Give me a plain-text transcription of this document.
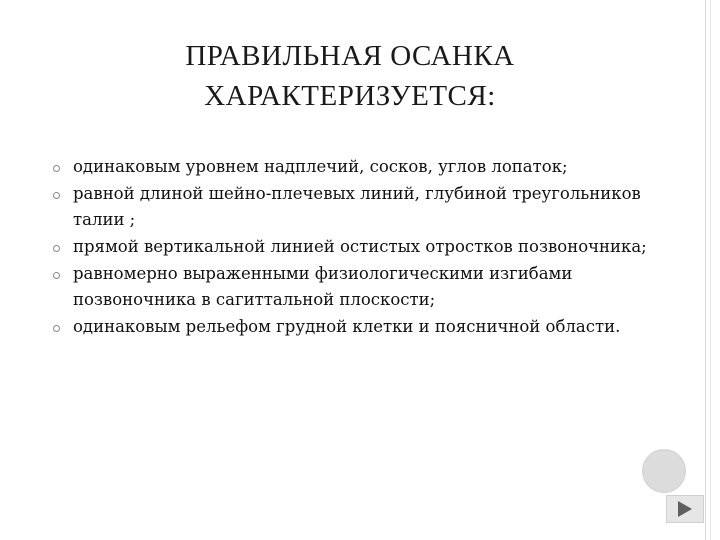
ПРАВИЛЬНАЯ ОСАНКА
ХАРАКТЕРИЗУЕТСЯ:
одинаковым уровнем надплечий, сосков, углов лопаток;
равной длиной шейно-плечевых линий, глубиной треугольников талии ;
прямой вертикальной линией остистых отростков позвоночника;
равномерно выраженными физиологическими изгибами позвоночника в сагиттальной плоскости;
одинаковым рельефом грудной клетки и поясничной области.
